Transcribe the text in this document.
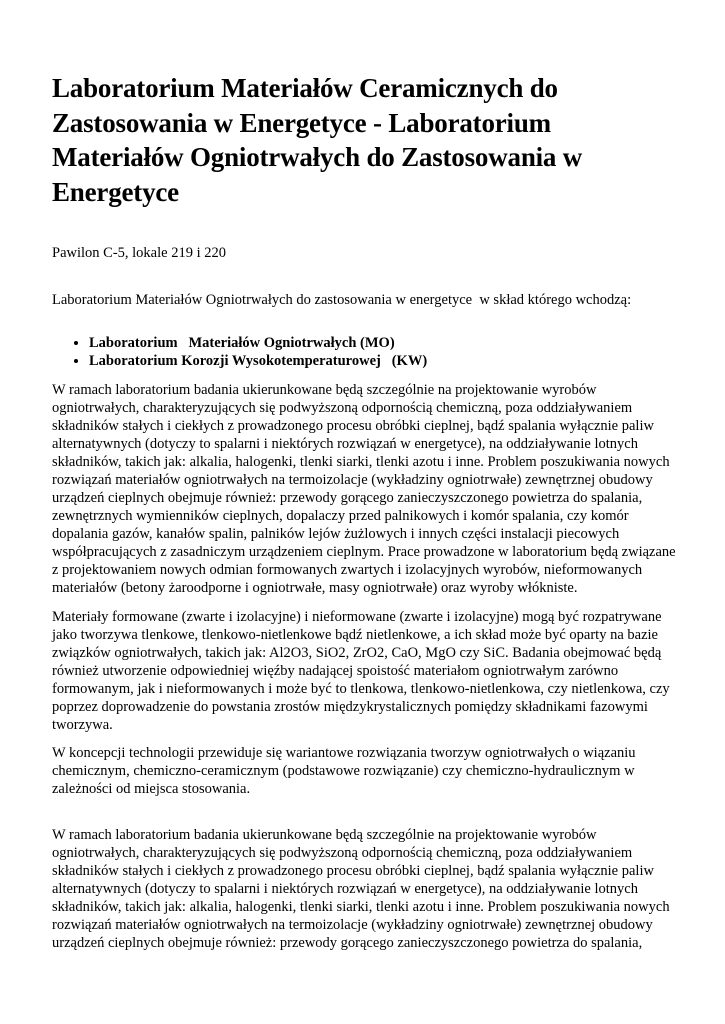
Laboratorium Materiałów Ceramicznych do Zastosowania w Energetyce - Laboratorium Materiałów Ogniotrwałych do Zastosowania w Energetyce

Pawilon C-5, lokale 219 i 220

Laboratorium Materiałów Ogniotrwałych do zastosowania w energetyce  w skład którego wchodzą:

• Laboratorium   Materiałów Ogniotrwałych (MO)
• Laboratorium Korozji Wysokotemperaturowej   (KW)

W ramach laboratorium badania ukierunkowane będą szczególnie na projektowanie wyrobów ogniotrwałych, charakteryzujących się podwyższoną odpornością chemiczną, poza oddziaływaniem składników stałych i ciekłych z prowadzonego procesu obróbki cieplnej, bądź spalania wyłącznie paliw alternatywnych (dotyczy to spalarni i niektórych rozwiązań w energetyce), na oddziaływanie lotnych składników, takich jak: alkalia, halogenki, tlenki siarki, tlenki azotu i inne. Problem poszukiwania nowych rozwiązań materiałów ogniotrwałych na termoizolacje (wykładziny ogniotrwałe) zewnętrznej obudowy urządzeń cieplnych obejmuje również: przewody gorącego zanieczyszczonego powietrza do spalania, zewnętrznych wymienników cieplnych, dopalaczy przed palnikowych i komór spalania, czy komór dopalania gazów, kanałów spalin, palników lejów żużlowych i innych części instalacji piecowych współpracujących z zasadniczym urządzeniem cieplnym. Prace prowadzone w laboratorium będą związane z projektowaniem nowych odmian formowanych zwartych i izolacyjnych wyrobów, nieformowanych materiałów (betony żaroodporne i ogniotrwałe, masy ogniotrwałe) oraz wyroby włókniste.

Materiały formowane (zwarte i izolacyjne) i nieformowane (zwarte i izolacyjne) mogą być rozpatrywane jako tworzywa tlenkowe, tlenkowo-nietlenkowe bądź nietlenkowe, a ich skład może być oparty na bazie związków ogniotrwałych, takich jak: Al2O3, SiO2, ZrO2, CaO, MgO czy SiC. Badania obejmować będą również utworzenie odpowiedniej więźby nadającej spoistość materiałom ogniotrwałym zarówno formowanym, jak i nieformowanych i może być to tlenkowa, tlenkowo-nietlenkowa, czy nietlenkowa, czy poprzez doprowadzenie do powstania zrostów międzykrystalicznych pomiędzy składnikami fazowymi tworzywa.

W koncepcji technologii przewiduje się wariantowe rozwiązania tworzyw ogniotrwałych o wiązaniu chemicznym, chemiczno-ceramicznym (podstawowe rozwiązanie) czy chemiczno-hydraulicznym w zależności od miejsca stosowania.

W ramach laboratorium badania ukierunkowane będą szczególnie na projektowanie wyrobów ogniotrwałych, charakteryzujących się podwyższoną odpornością chemiczną, poza oddziaływaniem składników stałych i ciekłych z prowadzonego procesu obróbki cieplnej, bądź spalania wyłącznie paliw alternatywnych (dotyczy to spalarni i niektórych rozwiązań w energetyce), na oddziaływanie lotnych składników, takich jak: alkalia, halogenki, tlenki siarki, tlenki azotu i inne. Problem poszukiwania nowych rozwiązań materiałów ogniotrwałych na termoizolacje (wykładziny ogniotrwałe) zewnętrznej obudowy urządzeń cieplnych obejmuje również: przewody gorącego zanieczyszczonego powietrza do spalania,
